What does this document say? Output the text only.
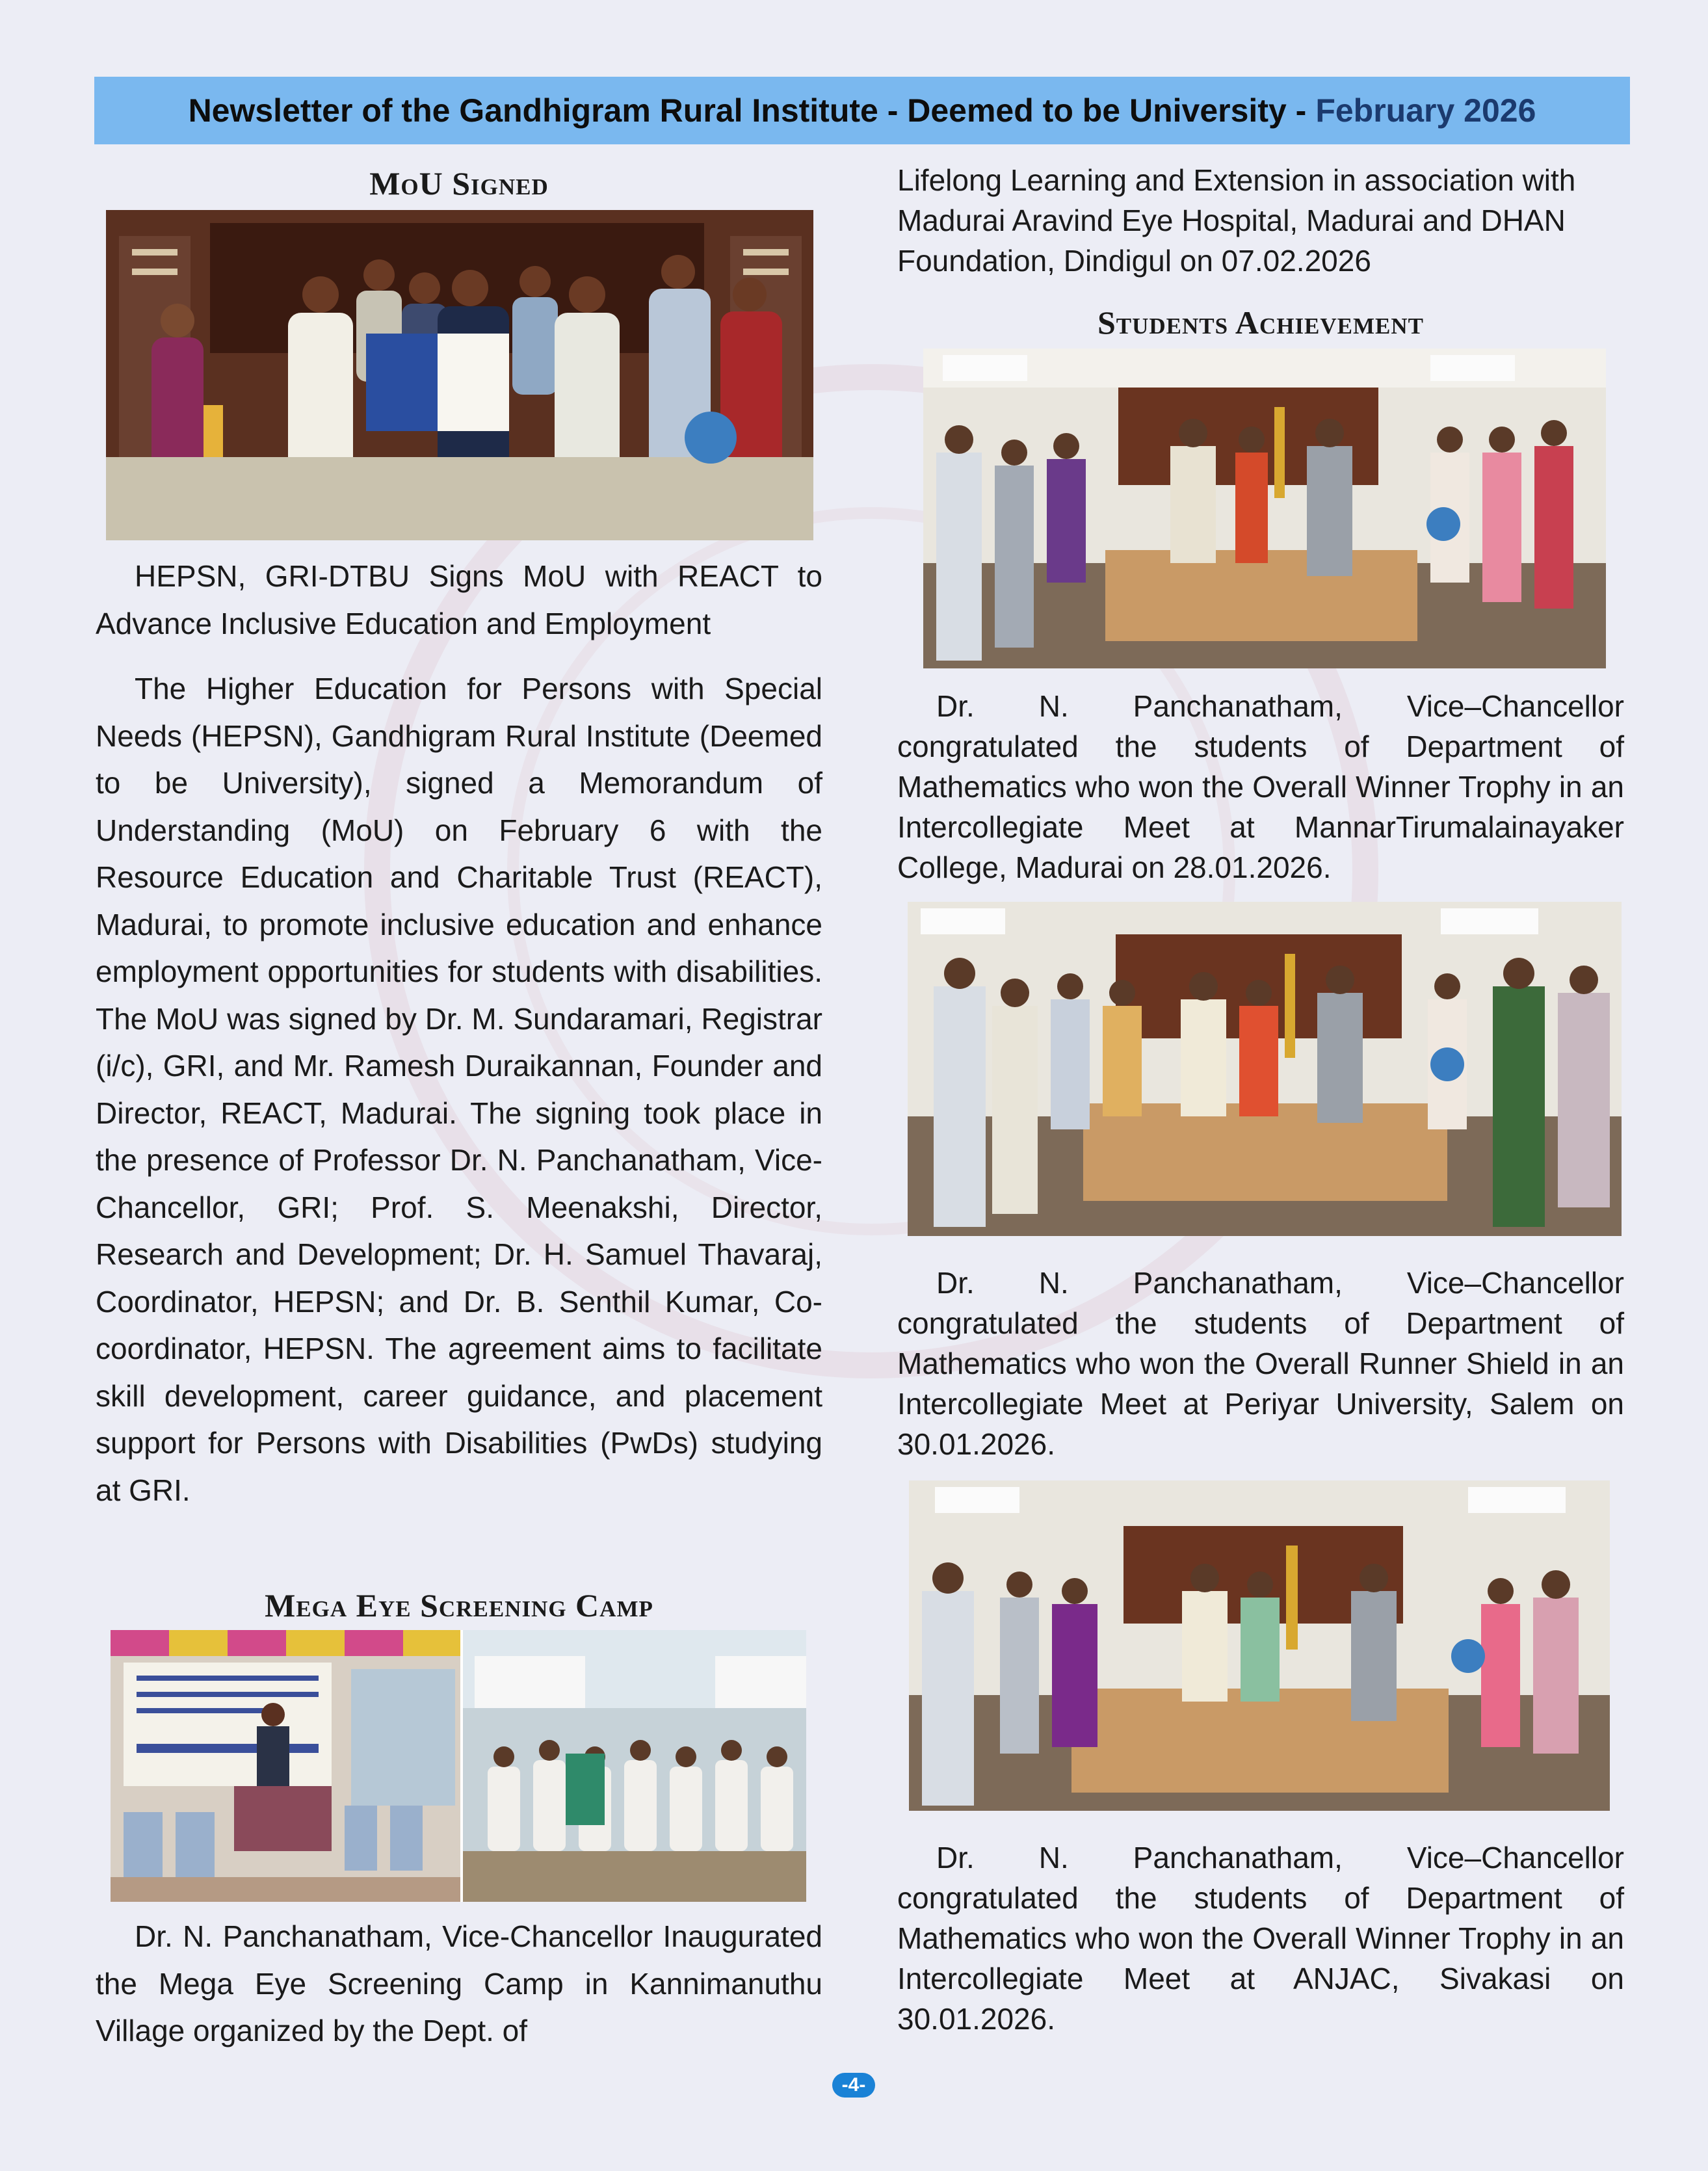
Newsletter of the Gandhigram Rural Institute - Deemed to be University - February 2026
MoU Signed

HEPSN, GRI-DTBU Signs MoU with REACT to Advance Inclusive Education and Employment

The Higher Education for Persons with Special Needs (HEPSN), Gandhigram Rural Institute (Deemed to be University), signed a Memorandum of Understanding (MoU) on February 6 with the Resource Education and Charitable Trust (REACT), Madurai, to promote inclusive education and enhance employment opportunities for students with disabilities. The MoU was signed by Dr. M. Sundaramari, Registrar (i/c), GRI, and Mr. Ramesh Duraikannan, Founder and Director, REACT, Madurai. The signing took place in the presence of Professor Dr. N. Panchanatham, Vice-Chancellor, GRI; Prof. S. Meenakshi, Director, Research and Development; Dr. H. Samuel Thavaraj, Coordinator, HEPSN; and Dr. B. Senthil Kumar, Co-coordinator, HEPSN. The agreement aims to facilitate skill development, career guidance, and placement support for Persons with Disabilities (PwDs) studying at GRI.

Mega Eye Screening Camp

Dr. N. Panchanatham, Vice-Chancellor Inaugurated the Mega Eye Screening Camp in Kannimanuthu Village organized by the Dept. of

Lifelong Learning and Extension in association with Madurai Aravind Eye Hospital, Madurai and DHAN Foundation, Dindigul on 07.02.2026

Students Achievement

Dr. N. Panchanatham, Vice–Chancellor congratulated the students of Department of Mathematics who won the Overall Winner Trophy in an Intercollegiate Meet at MannarTirumalainayaker College, Madurai on 28.01.2026.

Dr. N. Panchanatham, Vice–Chancellor congratulated the students of Department of Mathematics who won the Overall Runner Shield in an Intercollegiate Meet at Periyar University, Salem on 30.01.2026.

Dr. N. Panchanatham, Vice–Chancellor congratulated the students of Department of Mathematics who won the Overall Winner Trophy in an Intercollegiate Meet at ANJAC, Sivakasi on 30.01.2026.

-4-
